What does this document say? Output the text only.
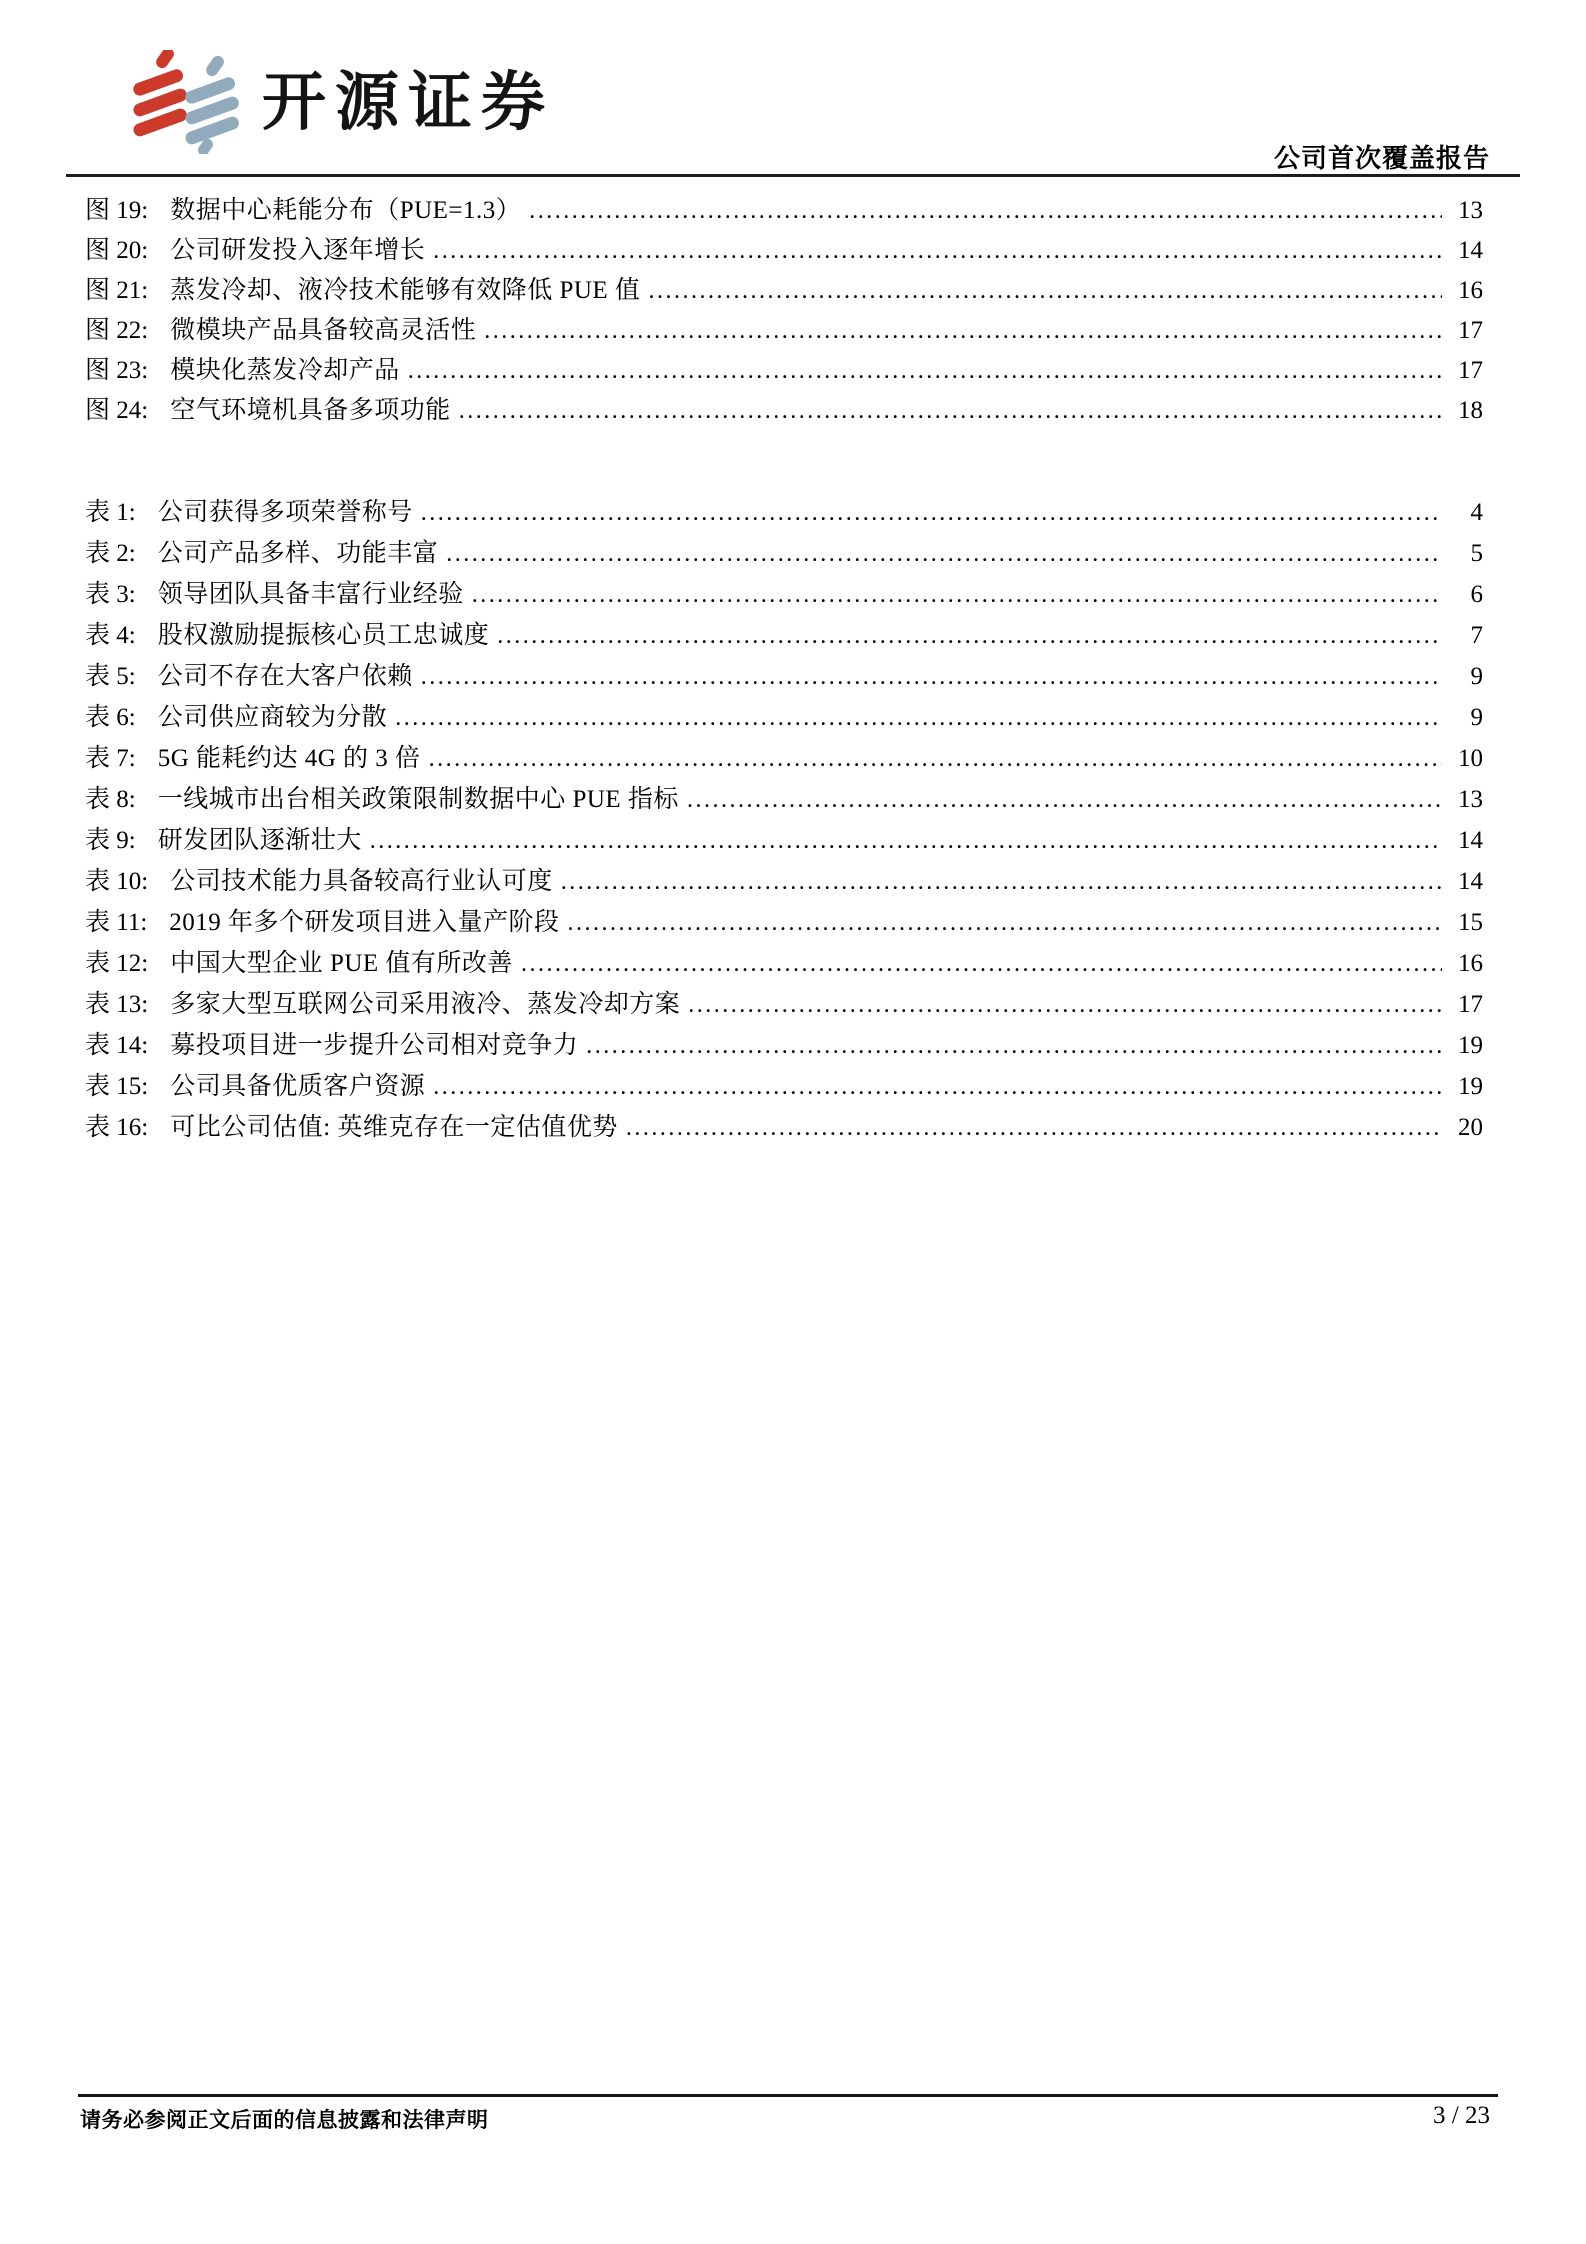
开源证券
公司首次覆盖报告
图 19: 数据中心耗能分布（PUE=1.3） .....	13
图 20: 公司研发投入逐年增长 .....	14
图 21: 蒸发冷却、液冷技术能够有效降低 PUE 值 .....	16
图 22: 微模块产品具备较高灵活性 .....	17
图 23: 模块化蒸发冷却产品 .....	17
图 24: 空气环境机具备多项功能 .....	18
表 1: 公司获得多项荣誉称号 .....	4
表 2: 公司产品多样、功能丰富 .....	5
表 3: 领导团队具备丰富行业经验 .....	6
表 4: 股权激励提振核心员工忠诚度 .....	7
表 5: 公司不存在大客户依赖 .....	9
表 6: 公司供应商较为分散 .....	9
表 7: 5G 能耗约达 4G 的 3 倍 .....	10
表 8: 一线城市出台相关政策限制数据中心 PUE 指标 .....	13
表 9: 研发团队逐渐壮大 .....	14
表 10: 公司技术能力具备较高行业认可度 .....	14
表 11: 2019 年多个研发项目进入量产阶段 .....	15
表 12: 中国大型企业 PUE 值有所改善 .....	16
表 13: 多家大型互联网公司采用液冷、蒸发冷却方案 .....	17
表 14: 募投项目进一步提升公司相对竞争力 .....	19
表 15: 公司具备优质客户资源 .....	19
表 16: 可比公司估值: 英维克存在一定估值优势 .....	20
请务必参阅正文后面的信息披露和法律声明	3 / 23
